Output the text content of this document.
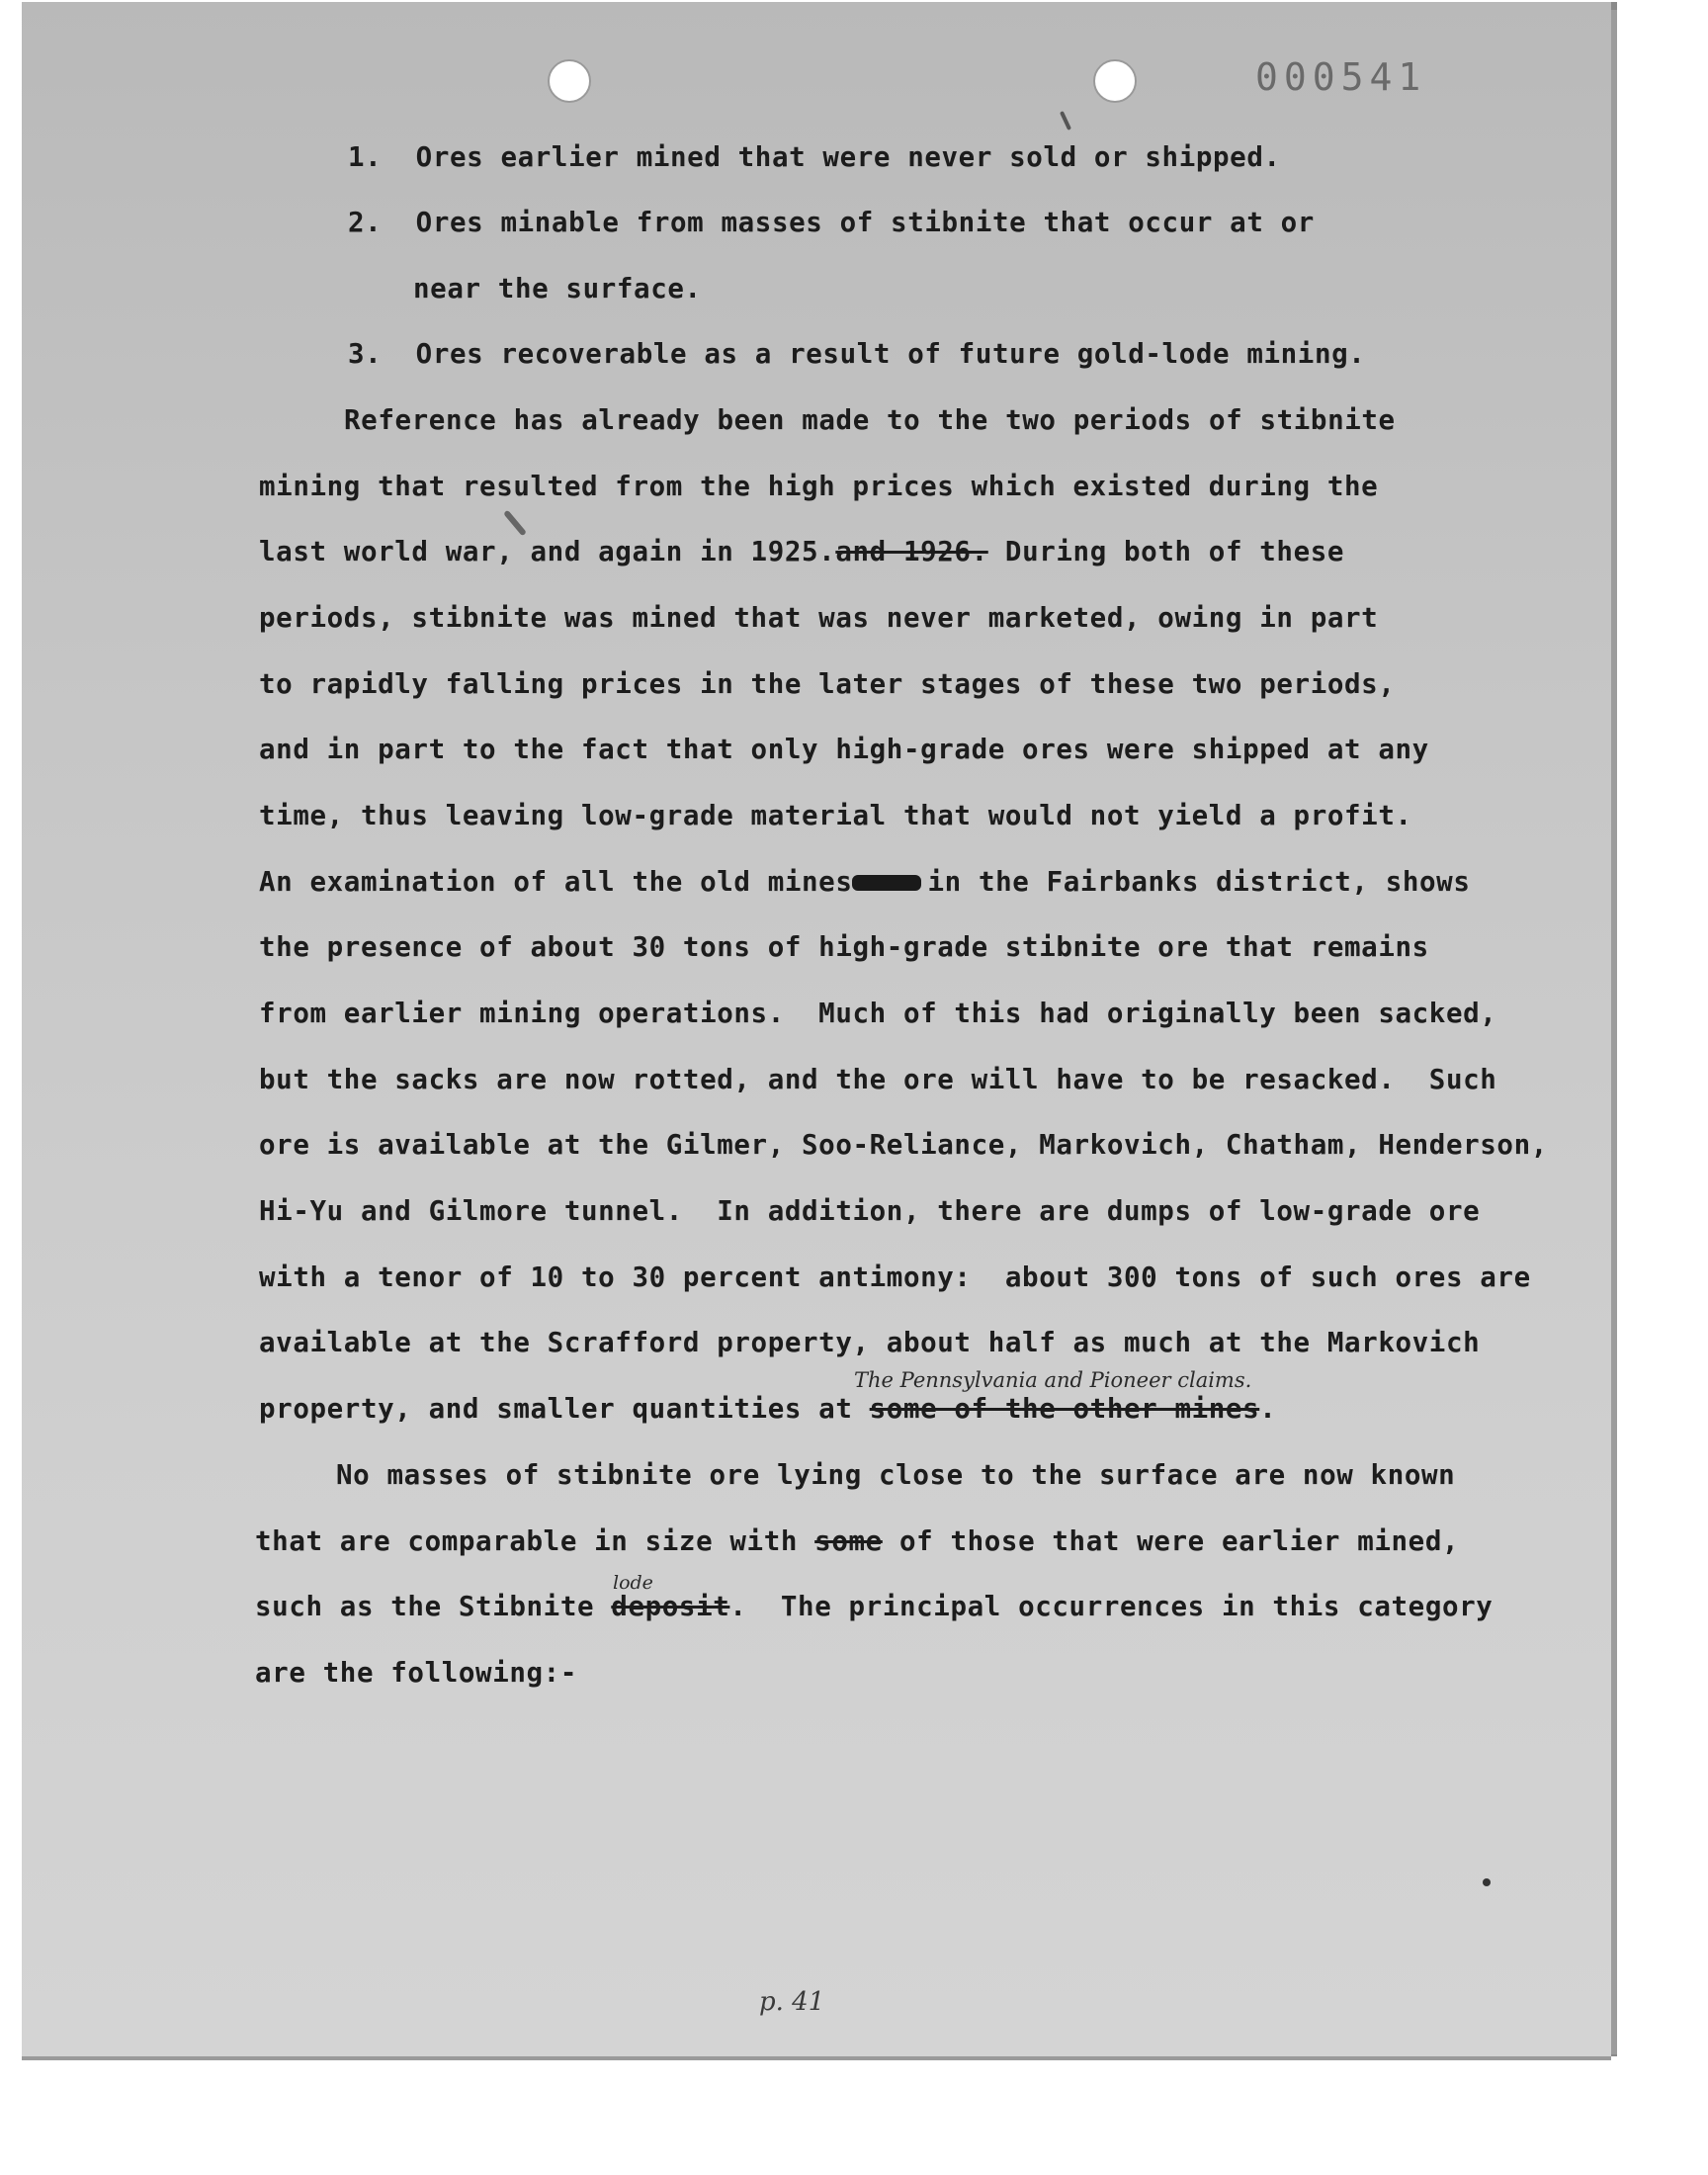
000541
1. Ores earlier mined that were never sold or shipped.
2. Ores minable from masses of stibnite that occur at or
near the surface.
3. Ores recoverable as a result of future gold-lode mining.
Reference has already been made to the two periods of stibnite
mining that resulted from the high prices which existed during the
last world war, and again in 1925.and 1926. During both of these
periods, stibnite was mined that was never marketed, owing in part
to rapidly falling prices in the later stages of these two periods,
and in part to the fact that only high-grade ores were shipped at any
time, thus leaving low-grade material that would not yield a profit.
An examination of all the old mines	in the Fairbanks district, shows
the presence of about 30 tons of high-grade stibnite ore that remains
from earlier mining operations.  Much of this had originally been sacked,
but the sacks are now rotted, and the ore will have to be resacked.  Such
ore is available at the Gilmer, Soo-Reliance, Markovich, Chatham, Henderson,
Hi-Yu and Gilmore tunnel.  In addition, there are dumps of low-grade ore
with a tenor of 10 to 30 percent antimony:  about 300 tons of such ores are
available at the Scrafford property, about half as much at the Markovich
The Pennsylvania and Pioneer claims.
property, and smaller quantities at some of the other mines.
No masses of stibnite ore lying close to the surface are now known
that are comparable in size with some of those that were earlier mined,
lode
such as the Stibnite deposit.  The principal occurrences in this category
are the following:-
p. 41
